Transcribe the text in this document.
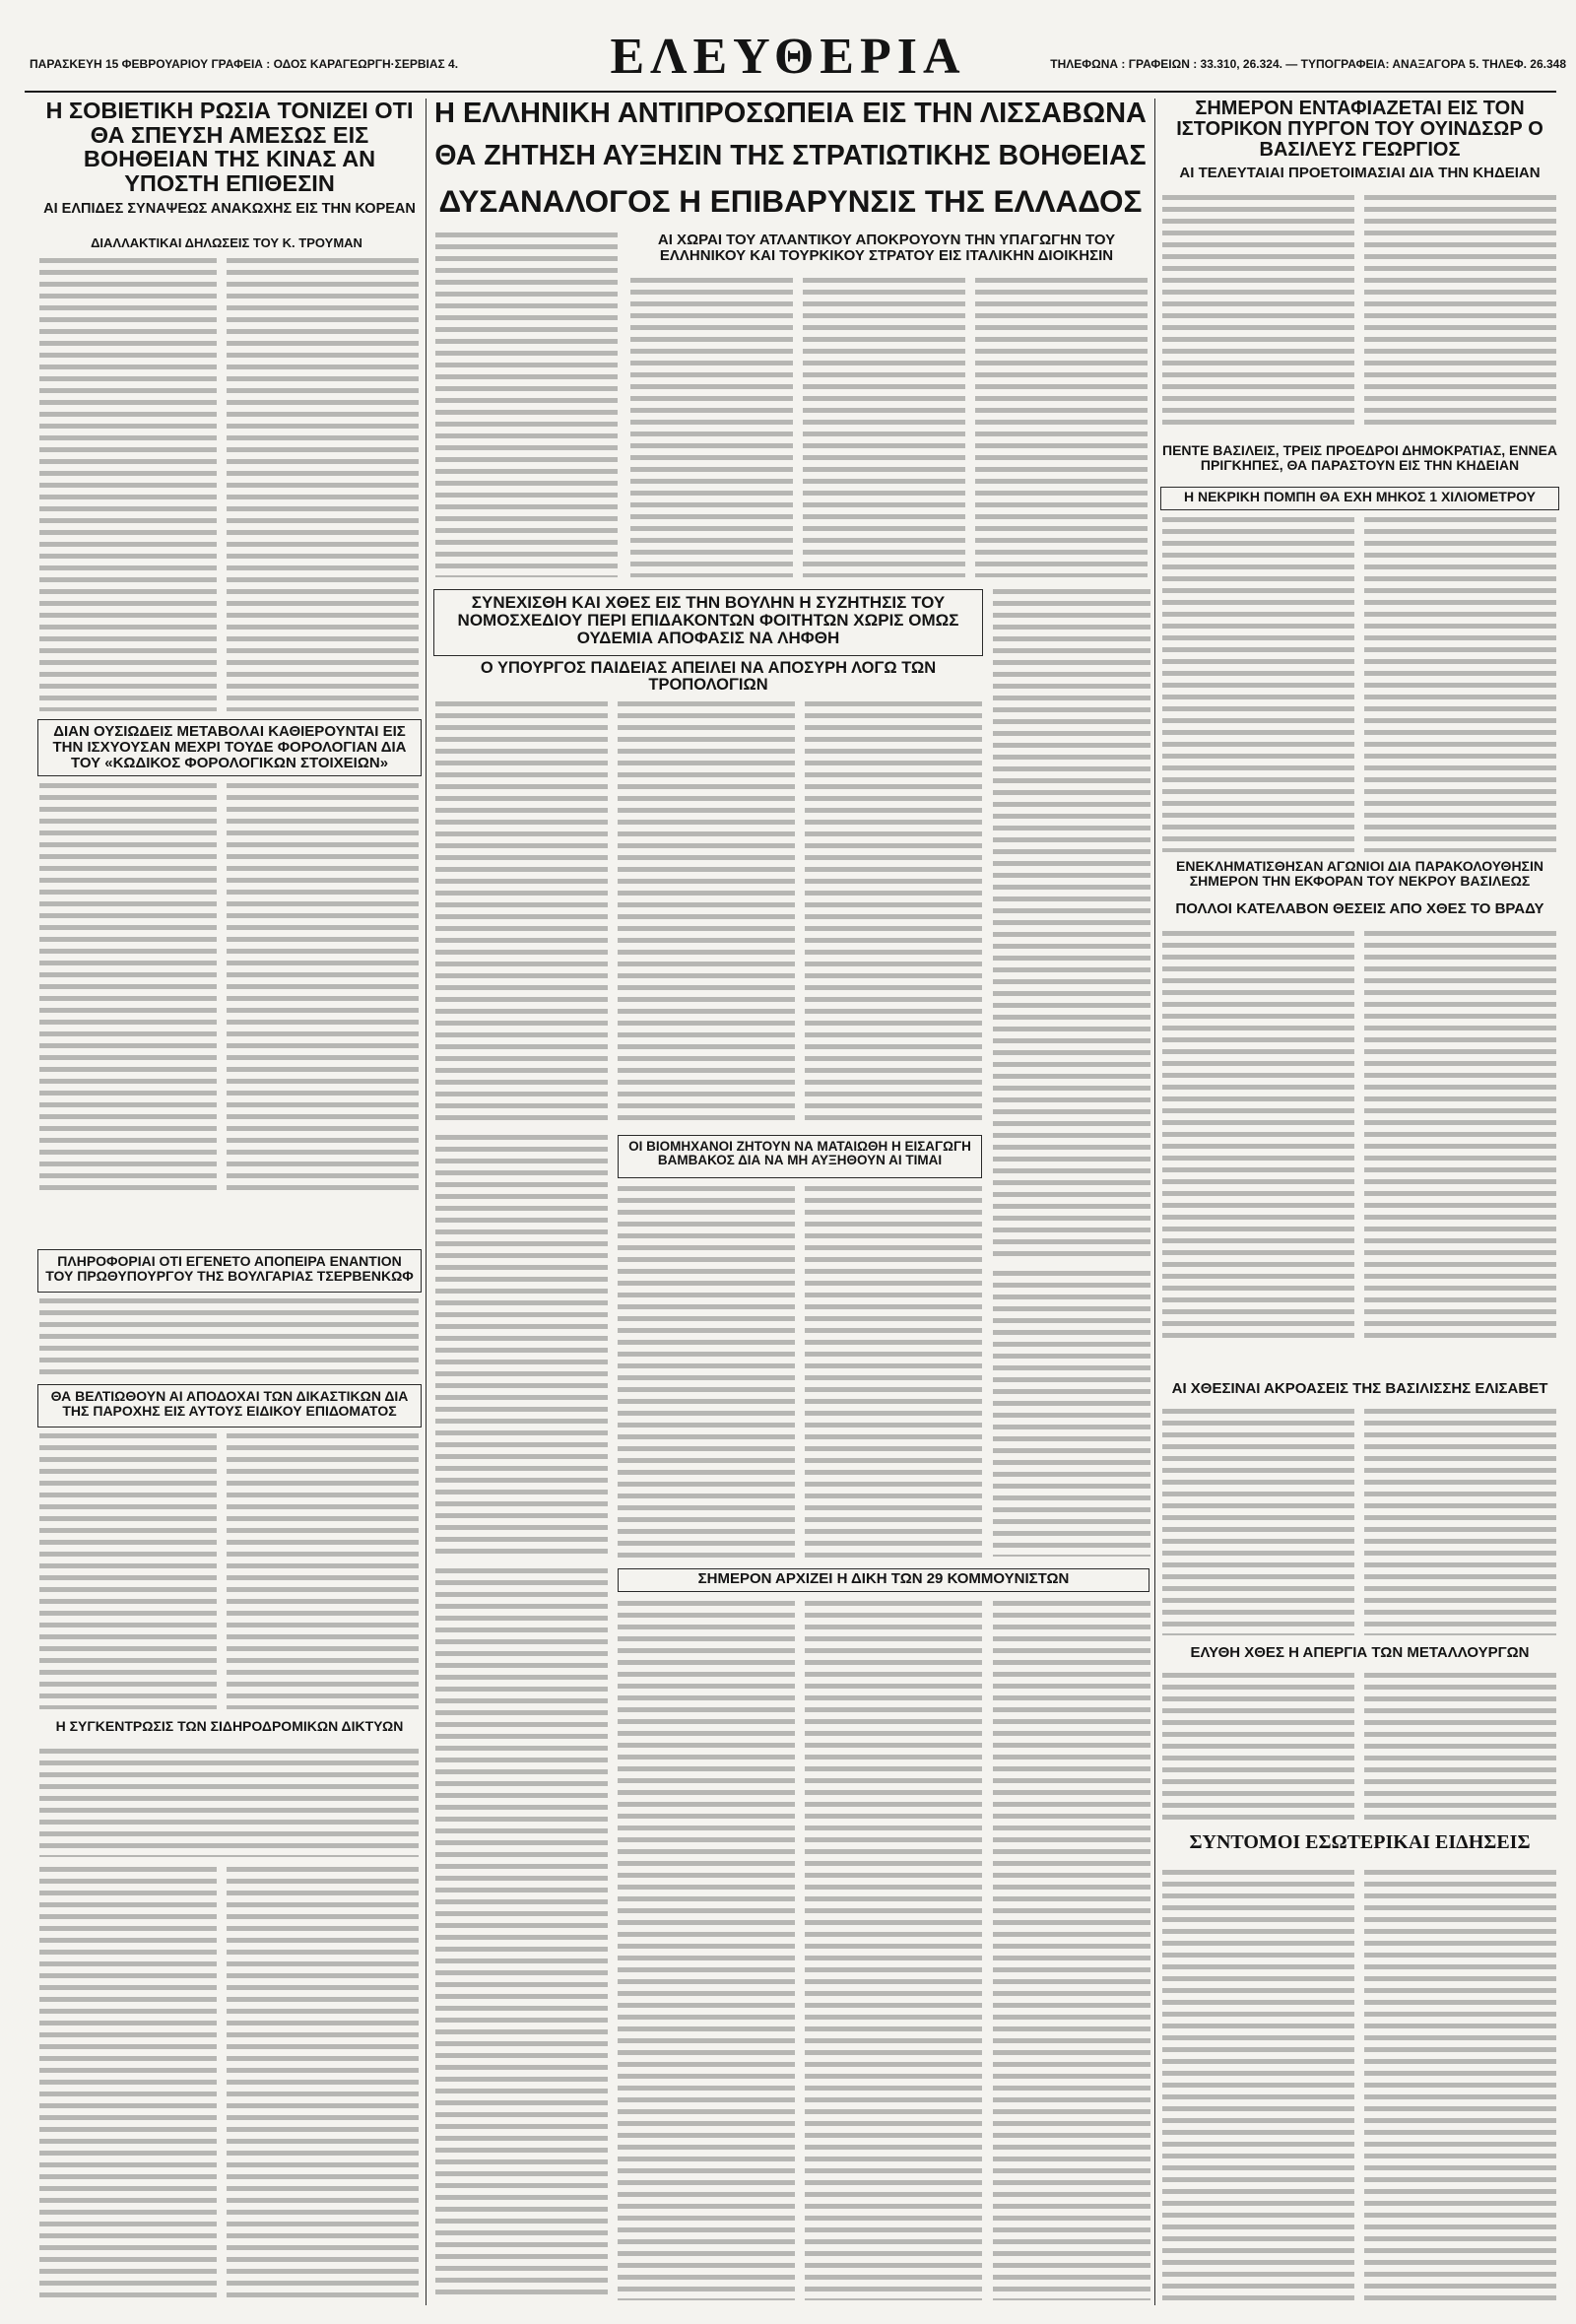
ΠΑΡΑΣΚΕΥΗ 15 ΦΕΒΡΟΥΑΡΙΟΥ ΓΡΑΦΕΙΑ : ΟΔΟΣ ΚΑΡΑΓΕΩΡΓΗ·ΣΕΡΒΙΑΣ 4.	ΕΛΕΥΘΕΡΙΑ	ΤΗΛΕΦΩΝΑ : ΓΡΑΦΕΙΩΝ : 33.310, 26.324. — ΤΥΠΟΓΡΑΦΕΙΑ: ΑΝΑΞΑΓΟΡΑ 5. ΤΗΛΕΦ. 26.348
Η ΣΟΒΙΕΤΙΚΗ ΡΩΣΙΑ ΤΟΝΙΖΕΙ ΟΤΙ ΘΑ ΣΠΕΥΣΗ ΑΜΕΣΩΣ ΕΙΣ ΒΟΗΘΕΙΑΝ ΤΗΣ ΚΙΝΑΣ ΑΝ ΥΠΟΣΤΗ ΕΠΙΘΕΣΙΝ
ΑΙ ΕΛΠΙΔΕΣ ΣΥΝΑΨΕΩΣ ΑΝΑΚΩΧΗΣ ΕΙΣ ΤΗΝ ΚΟΡΕΑΝ
ΔΙΑΛΛΑΚΤΙΚΑΙ ΔΗΛΩΣΕΙΣ ΤΟΥ Κ. ΤΡΟΥΜΑΝ
ΔΙΑΝ ΟΥΣΙΩΔΕΙΣ ΜΕΤΑΒΟΛΑΙ ΚΑΘΙΕΡΟΥΝΤΑΙ ΕΙΣ ΤΗΝ ΙΣΧΥΟΥΣΑΝ ΜΕΧΡΙ ΤΟΥΔΕ ΦΟΡΟΛΟΓΙΑΝ ΔΙΑ ΤΟΥ «ΚΩΔΙΚΟΣ ΦΟΡΟΛΟΓΙΚΩΝ ΣΤΟΙΧΕΙΩΝ»
ΠΛΗΡΟΦΟΡΙΑΙ ΟΤΙ ΕΓΕΝΕΤΟ ΑΠΟΠΕΙΡΑ ΕΝΑΝΤΙΟΝ ΤΟΥ ΠΡΩΘΥΠΟΥΡΓΟΥ ΤΗΣ ΒΟΥΛΓΑΡΙΑΣ ΤΣΕΡΒΕΝΚΩΦ
ΘΑ ΒΕΛΤΙΩΘΟΥΝ ΑΙ ΑΠΟΔΟΧΑΙ ΤΩΝ ΔΙΚΑΣΤΙΚΩΝ ΔΙΑ ΤΗΣ ΠΑΡΟΧΗΣ ΕΙΣ ΑΥΤΟΥΣ ΕΙΔΙΚΟΥ ΕΠΙΔΟΜΑΤΟΣ
Η ΣΥΓΚΕΝΤΡΩΣΙΣ ΤΩΝ ΣΙΔΗΡΟΔΡΟΜΙΚΩΝ ΔΙΚΤΥΩΝ
Η ΕΛΛΗΝΙΚΗ ΑΝΤΙΠΡΟΣΩΠΕΙΑ ΕΙΣ ΤΗΝ ΛΙΣΣΑΒΩΝΑ
ΘΑ ΖΗΤΗΣΗ ΑΥΞΗΣΙΝ ΤΗΣ ΣΤΡΑΤΙΩΤΙΚΗΣ ΒΟΗΘΕΙΑΣ
ΔΥΣΑΝΑΛΟΓΟΣ Η ΕΠΙΒΑΡΥΝΣΙΣ ΤΗΣ ΕΛΛΑΔΟΣ
ΑΙ ΧΩΡΑΙ ΤΟΥ ΑΤΛΑΝΤΙΚΟΥ ΑΠΟΚΡΟΥΟΥΝ ΤΗΝ ΥΠΑΓΩΓΗΝ ΤΟΥ ΕΛΛΗΝΙΚΟΥ ΚΑΙ ΤΟΥΡΚΙΚΟΥ ΣΤΡΑΤΟΥ ΕΙΣ ΙΤΑΛΙΚΗΝ ΔΙΟΙΚΗΣΙΝ
ΣΥΝΕΧΙΣΘΗ ΚΑΙ ΧΘΕΣ ΕΙΣ ΤΗΝ ΒΟΥΛΗΝ Η ΣΥΖΗΤΗΣΙΣ ΤΟΥ ΝΟΜΟΣΧΕΔΙΟΥ ΠΕΡΙ ΕΠΙΔΑΚΟΝΤΩΝ ΦΟΙΤΗΤΩΝ ΧΩΡΙΣ ΟΜΩΣ ΟΥΔΕΜΙΑ ΑΠΟΦΑΣΙΣ ΝΑ ΛΗΦΘΗ
Ο ΥΠΟΥΡΓΟΣ ΠΑΙΔΕΙΑΣ ΑΠΕΙΛΕΙ ΝΑ ΑΠΟΣΥΡΗ ΛΟΓΩ ΤΩΝ ΤΡΟΠΟΛΟΓΙΩΝ
ΟΙ ΒΙΟΜΗΧΑΝΟΙ ΖΗΤΟΥΝ ΝΑ ΜΑΤΑΙΩΘΗ Η ΕΙΣΑΓΩΓΗ ΒΑΜΒΑΚΟΣ ΔΙΑ ΝΑ ΜΗ ΑΥΞΗΘΟΥΝ ΑΙ ΤΙΜΑΙ
ΣΗΜΕΡΟΝ ΑΡΧΙΖΕΙ Η ΔΙΚΗ ΤΩΝ 29 ΚΟΜΜΟΥΝΙΣΤΩΝ
ΣΗΜΕΡΟΝ ΕΝΤΑΦΙΑΖΕΤΑΙ ΕΙΣ ΤΟΝ ΙΣΤΟΡΙΚΟΝ ΠΥΡΓΟΝ ΤΟΥ ΟΥΙΝΔΣΩΡ Ο ΒΑΣΙΛΕΥΣ ΓΕΩΡΓΙΟΣ
ΑΙ ΤΕΛΕΥΤΑΙΑΙ ΠΡΟΕΤΟΙΜΑΣΙΑΙ ΔΙΑ ΤΗΝ ΚΗΔΕΙΑΝ
ΠΕΝΤΕ ΒΑΣΙΛΕΙΣ, ΤΡΕΙΣ ΠΡΟΕΔΡΟΙ ΔΗΜΟΚΡΑΤΙΑΣ, ΕΝΝΕΑ ΠΡΙΓΚΗΠΕΣ, ΘΑ ΠΑΡΑΣΤΟΥΝ ΕΙΣ ΤΗΝ ΚΗΔΕΙΑΝ
Η ΝΕΚΡΙΚΗ ΠΟΜΠΗ ΘΑ ΕΧΗ ΜΗΚΟΣ 1 ΧΙΛΙΟΜΕΤΡΟΥ
ΕΝΕΚΛΗΜΑΤΙΣΘΗΣΑΝ ΑΓΩΝΙΟΙ ΔΙΑ ΠΑΡΑΚΟΛΟΥΘΗΣΙΝ ΣΗΜΕΡΟΝ ΤΗΝ ΕΚΦΟΡΑΝ ΤΟΥ ΝΕΚΡΟΥ ΒΑΣΙΛΕΩΣ
ΠΟΛΛΟΙ ΚΑΤΕΛΑΒΟΝ ΘΕΣΕΙΣ ΑΠΟ ΧΘΕΣ ΤΟ ΒΡΑΔΥ
ΑΙ ΧΘΕΣΙΝΑΙ ΑΚΡΟΑΣΕΙΣ ΤΗΣ ΒΑΣΙΛΙΣΣΗΣ ΕΛΙΣΑΒΕΤ
ΕΛΥΘΗ ΧΘΕΣ Η ΑΠΕΡΓΙΑ ΤΩΝ ΜΕΤΑΛΛΟΥΡΓΩΝ
ΣΥΝΤΟΜΟΙ ΕΣΩΤΕΡΙΚΑΙ ΕΙΔΗΣΕΙΣ
